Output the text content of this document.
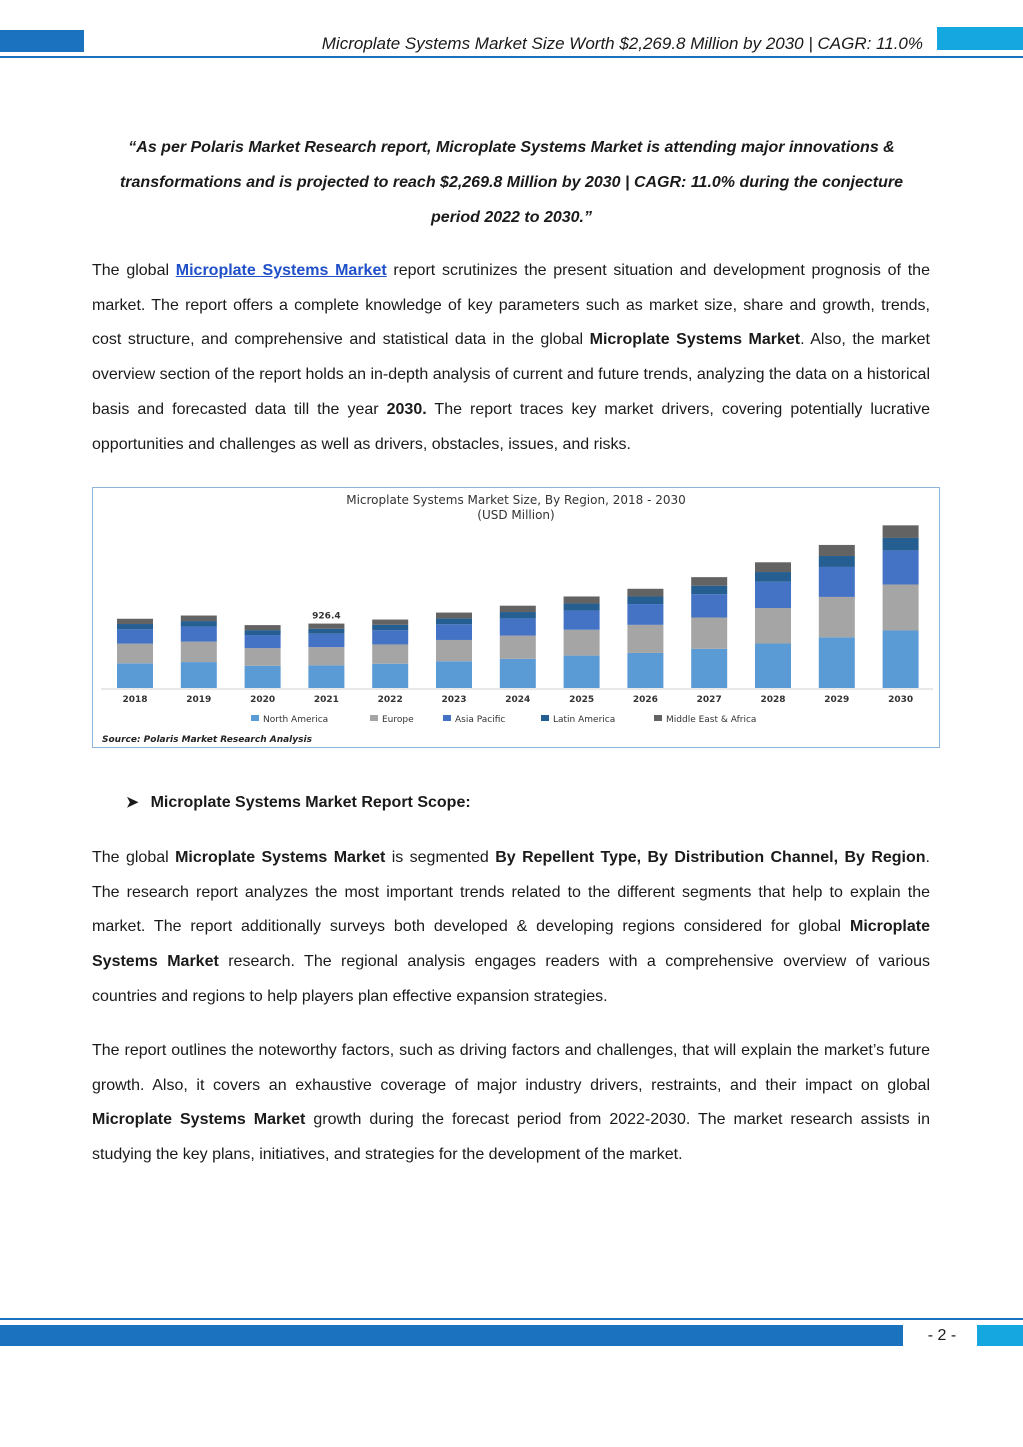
Microplate Systems Market Size Worth $2,269.8 Million by 2030 | CAGR: 11.0%
“As per Polaris Market Research report, Microplate Systems Market is attending major innovations & transformations and is projected to reach $2,269.8 Million by 2030 | CAGR: 11.0% during the conjecture period 2022 to 2030.”
The global Microplate Systems Market report scrutinizes the present situation and development prognosis of the market. The report offers a complete knowledge of key parameters such as market size, share and growth, trends, cost structure, and comprehensive and statistical data in the global Microplate Systems Market. Also, the market overview section of the report holds an in-depth analysis of current and future trends, analyzing the data on a historical basis and forecasted data till the year 2030. The report traces key market drivers, covering potentially lucrative opportunities and challenges as well as drivers, obstacles, issues, and risks.
Microplate Systems Market Size, By Region, 2018 - 2030
(USD Million)
926.4
2018	2019	2020	2021	2022	2023	2024	2025	2026	2027	2028	2029	2030
North America	Europe	Asia Pacific	Latin America	Middle East & Africa
Source: Polaris Market Research Analysis
➤ Microplate Systems Market Report Scope:
The global Microplate Systems Market is segmented By Repellent Type, By Distribution Channel, By Region. The research report analyzes the most important trends related to the different segments that help to explain the market. The report additionally surveys both developed & developing regions considered for global Microplate Systems Market research. The regional analysis engages readers with a comprehensive overview of various countries and regions to help players plan effective expansion strategies.
The report outlines the noteworthy factors, such as driving factors and challenges, that will explain the market’s future growth. Also, it covers an exhaustive coverage of major industry drivers, restraints, and their impact on global Microplate Systems Market growth during the forecast period from 2022-2030. The market research assists in studying the key plans, initiatives, and strategies for the development of the market.
- 2 -
